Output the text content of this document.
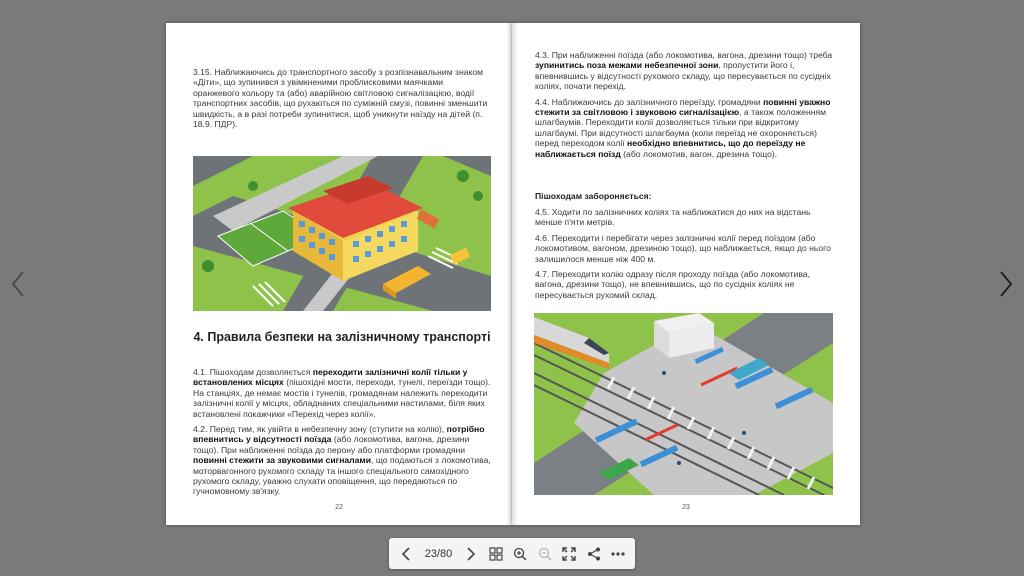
3.15. Наближаючись до транспортного засобу з розпізнавальним знаком «Діти», що зупинився з увімкненими проблисковими маячками оранжевого кольору та (або) аварійною світловою сигналізацією, водії транспортних засобів, що рухаються по суміжній смузі, повинні зменшити швидкість, а в разі потреби зупинитися, щоб уникнути наїзду на дітей (п. 18.9. ПДР).

4. Правила безпеки на залізничному транспорті

4.1. Пішоходам дозволяється переходити залізничні колії тільки у встановлених місцях (пішохідні мости, переходи, тунелі, переїзди тощо). На станціях, де немає мостів і тунелів, громадянам належить переходити залізничні колії у місцях, обладнаних спеціальними настилами, біля яких встановлені покажчики «Перехід через колії».

4.2. Перед тим, як увійти в небезпечну зону (ступити на колію), потрібно впевнитись у відсутності поїзда (або локомотива, вагона, дрезини тощо). При наближенні поїзда до перону або платформи громадяни повинні стежити за звуковими сигналами, що подаються з локомотива, моторвагонного рухомого складу та іншого спеціального самохідного рухомого складу, уважно слухати оповіщення, що передаються по гучномовному зв'язку.

22

4.3. При наближенні поїзда (або локомотива, вагона, дрезини тощо) треба зупинитись поза межами небезпечної зони, пропустити його і, впевнившись у відсутності рухомого складу, що пересувається по сусідніх коліях, почати перехід.

4.4. Наближаючись до залізничного переїзду, громадяни повинні уважно стежити за світловою і звуковою сигналізацією, а також положенням шлагбаумів. Переходити колії дозволяється тільки при відкритому шлагбаумі. При відсутності шлагбаума (коли переїзд не охороняється) перед переходом колії необхідно впевнитись, що до переїзду не наближається поїзд (або локомотив, вагон, дрезина тощо).

Пішоходам забороняється:

4.5. Ходити по залізничних коліях та наближатися до них на відстань менше п'яти метрів.

4.6. Переходити і перебігати через залізничні колії перед поїздом (або локомотивом, вагоном, дрезиною тощо), що наближається, якщо до нього залишилося менше ніж 400 м.

4.7. Переходити колію одразу після проходу поїзда (або локомотива, вагона, дрезини тощо), не впевнившись, що по сусідніх коліях не пересувається рухомий склад.

23
23/80
